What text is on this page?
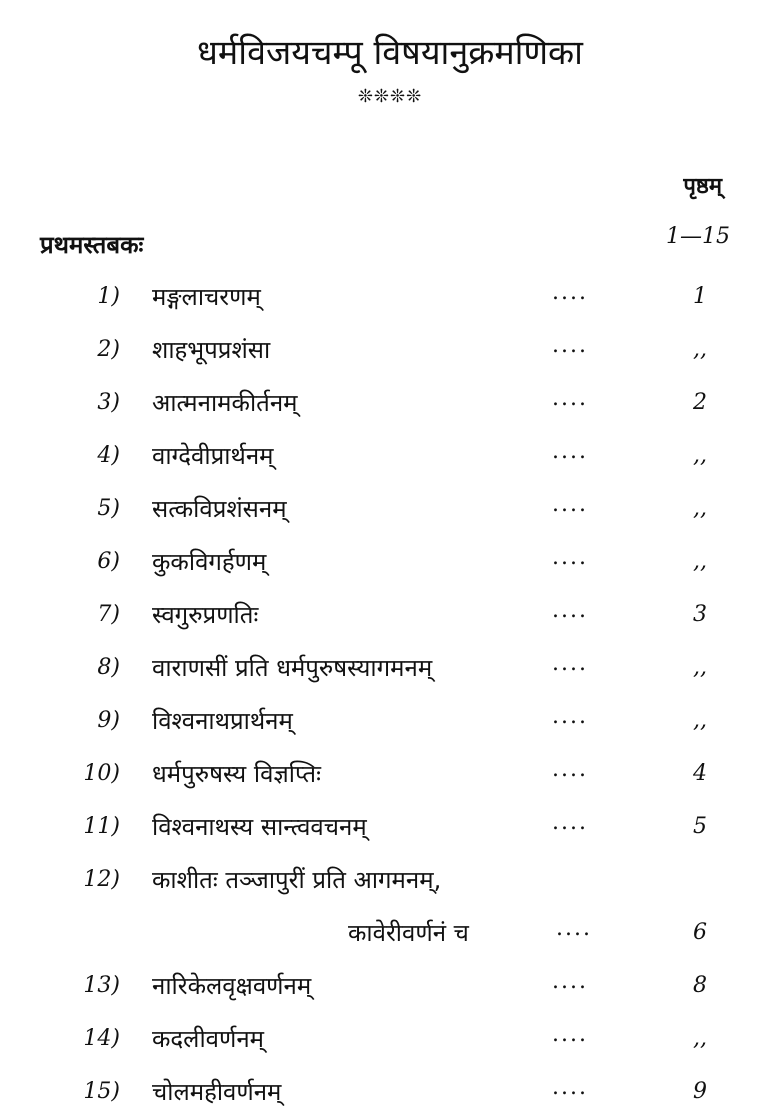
धर्मविजयचम्पू विषयानुक्रमणिका
❊❊❊❊
पृष्ठम्
प्रथमस्तबकः	1—15
1) मङ्गलाचरणम्	....	1
2) शाहभूपप्रशंसा	....	,,
3) आत्मनामकीर्तनम्	....	2
4) वाग्देवीप्रार्थनम्	....	,,
5) सत्कविप्रशंसनम्	....	,,
6) कुकविगर्हणम्	....	,,
7) स्वगुरुप्रणतिः	....	3
8) वाराणसीं प्रति धर्मपुरुषस्यागमनम्	....	,,
9) विश्वनाथप्रार्थनम्	....	,,
10) धर्मपुरुषस्य विज्ञप्तिः	....	4
11) विश्वनाथस्य सान्त्ववचनम्	....	5
12) काशीतः तञ्जापुरीं प्रति आगमनम्,
कावेरीवर्णनं च	....	6
13) नारिकेलवृक्षवर्णनम्	....	8
14) कदलीवर्णनम्	....	,,
15) चोलमहीवर्णनम्	....	9
